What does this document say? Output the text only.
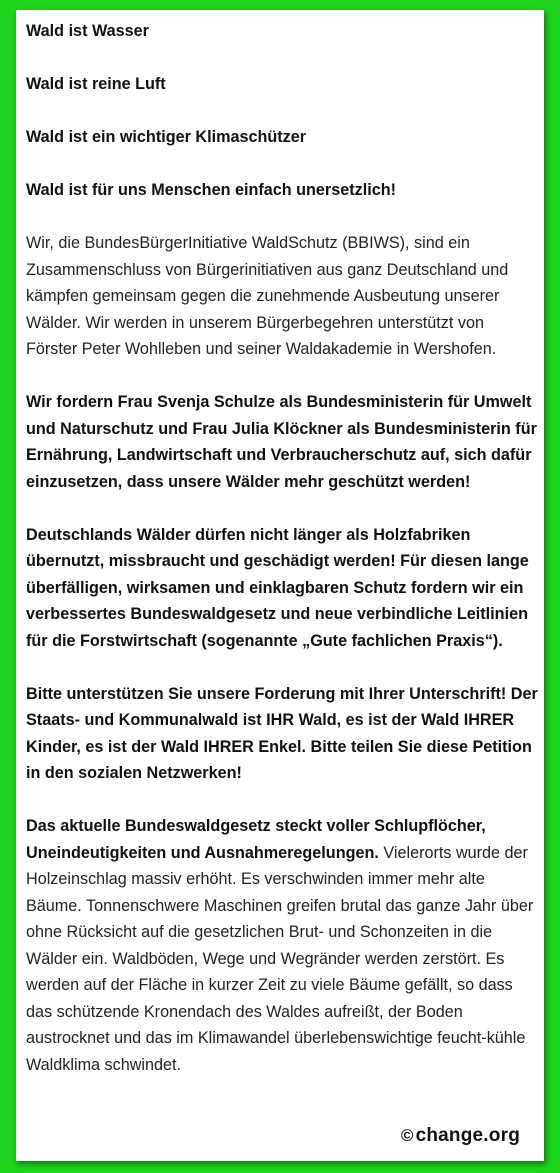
Wald ist Wasser

Wald ist reine Luft

Wald ist ein wichtiger Klimaschützer

Wald ist für uns Menschen einfach unersetzlich!

Wir, die BundesBürgerInitiative WaldSchutz (BBIWS), sind ein Zusammenschluss von Bürgerinitiativen aus ganz Deutschland und kämpfen gemeinsam gegen die zunehmende Ausbeutung unserer Wälder. Wir werden in unserem Bürgerbegehren unterstützt von Förster Peter Wohlleben und seiner Waldakademie in Wershofen.

Wir fordern Frau Svenja Schulze als Bundesministerin für Umwelt und Naturschutz und Frau Julia Klöckner als Bundesministerin für Ernährung, Landwirtschaft und Verbraucherschutz auf, sich dafür einzusetzen, dass unsere Wälder mehr geschützt werden!

Deutschlands Wälder dürfen nicht länger als Holzfabriken übernutzt, missbraucht und geschädigt werden! Für diesen lange überfälligen, wirksamen und einklagbaren Schutz fordern wir ein verbessertes Bundeswaldgesetz und neue verbindliche Leitlinien für die Forstwirtschaft (sogenannte „Gute fachlichen Praxis“).

Bitte unterstützen Sie unsere Forderung mit Ihrer Unterschrift! Der Staats- und Kommunalwald ist IHR Wald, es ist der Wald IHRER Kinder, es ist der Wald IHRER Enkel. Bitte teilen Sie diese Petition in den sozialen Netzwerken!

Das aktuelle Bundeswaldgesetz steckt voller Schlupflöcher, Uneindeutigkeiten und Ausnahmeregelungen. Vielerorts wurde der Holzeinschlag massiv erhöht. Es verschwinden immer mehr alte Bäume. Tonnenschwere Maschinen greifen brutal das ganze Jahr über ohne Rücksicht auf die gesetzlichen Brut- und Schonzeiten in die Wälder ein. Waldböden, Wege und Wegränder werden zerstört. Es werden auf der Fläche in kurzer Zeit zu viele Bäume gefällt, so dass das schützende Kronendach des Waldes aufreißt, der Boden austrocknet und das im Klimawandel überlebenswichtige feucht-kühle Waldklima schwindet.

© change.org
